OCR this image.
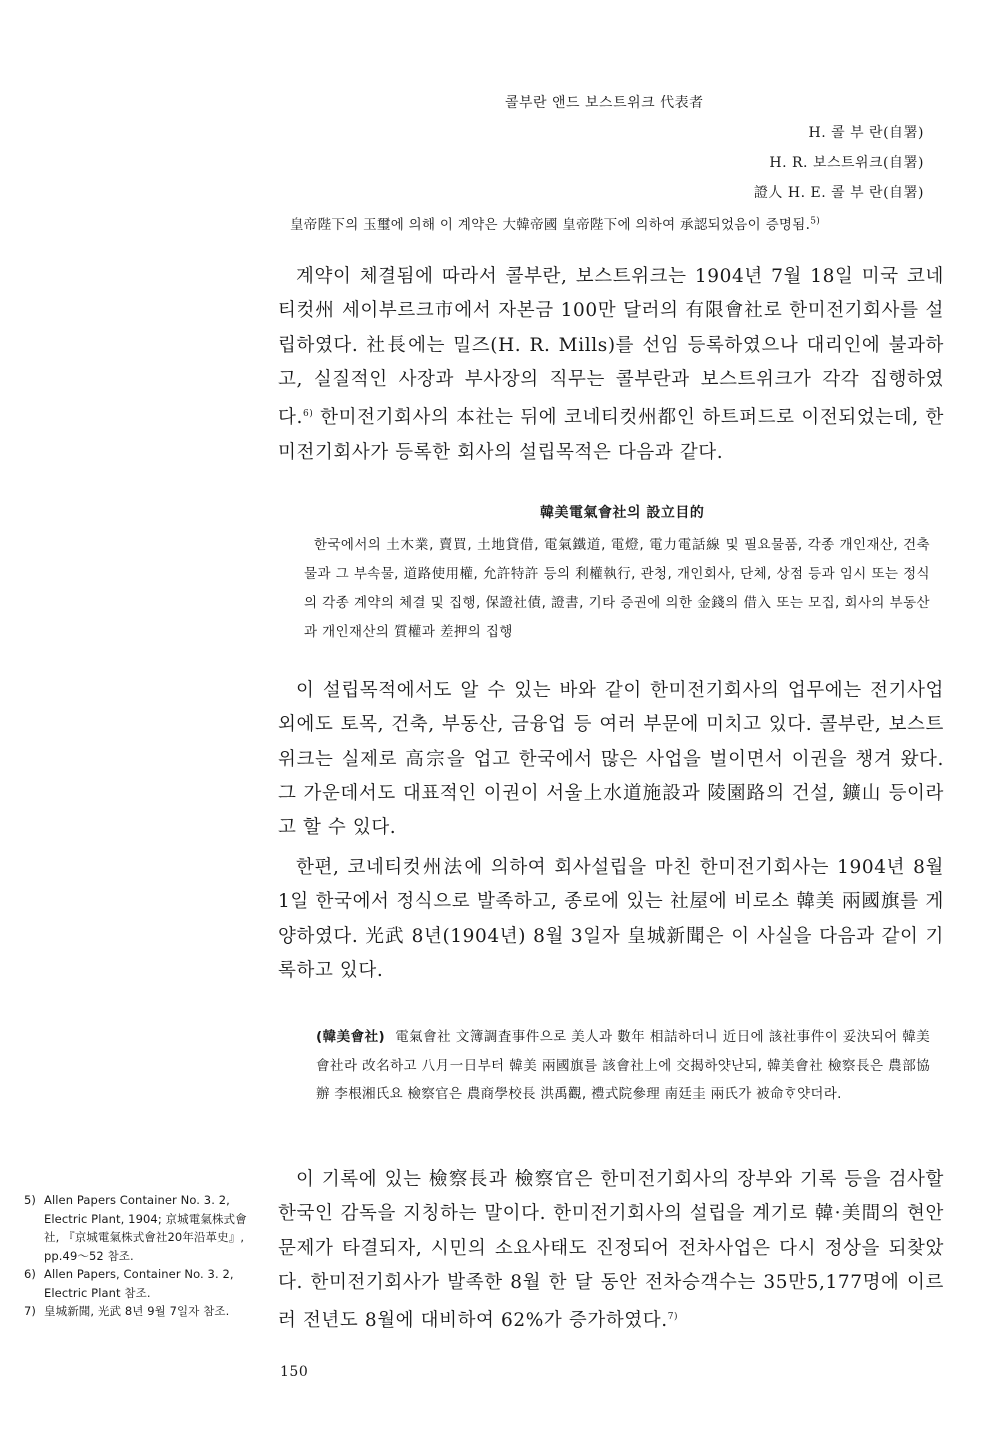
콜부란 앤드 보스트위크 代表者
H. 콜 부 란(自署)
H. R. 보스트위크(自署)
證人 H. E. 콜 부 란(自署)
皇帝陛下의 玉璽에 의해 이 계약은 大韓帝國 皇帝陛下에 의하여 承認되었음이 증명됨.$^{5)}$
계약이 체결됨에 따라서 콜부란, 보스트위크는 1904년 7월 18일 미국 코네티컷州 세이부르크市에서 자본금 100만 달러의 有限會社로 한미전기회사를 설립하였다. 社長에는 밀즈(H. R. Mills)를 선임 등록하였으나 대리인에 불과하고, 실질적인 사장과 부사장의 직무는 콜부란과 보스트위크가 각각 집행하였다.$^{6)}$ 한미전기회사의 本社는 뒤에 코네티컷州都인 하트퍼드로 이전되었는데, 한미전기회사가 등록한 회사의 설립목적은 다음과 같다.
韓美電氣會社의 設立目的
한국에서의 土木業, 賣買, 土地貸借, 電氣鐵道, 電燈, 電力電話線 및 필요물품, 각종 개인재산, 건축물과 그 부속물, 道路使用權, 允許特許 등의 利權執行, 관청, 개인회사, 단체, 상점 등과 임시 또는 정식의 각종 계약의 체결 및 집행, 保證社債, 證書, 기타 증권에 의한 金錢의 借入 또는 모집, 회사의 부동산과 개인재산의 質權과 差押의 집행
이 설립목적에서도 알 수 있는 바와 같이 한미전기회사의 업무에는 전기사업외에도 토목, 건축, 부동산, 금융업 등 여러 부문에 미치고 있다. 콜부란, 보스트위크는 실제로 高宗을 업고 한국에서 많은 사업을 벌이면서 이권을 챙겨 왔다. 그 가운데서도 대표적인 이권이 서울上水道施設과 陵園路의 건설, 鑛山 등이라고 할 수 있다.
한편, 코네티컷州法에 의하여 회사설립을 마친 한미전기회사는 1904년 8월 1일 한국에서 정식으로 발족하고, 종로에 있는 社屋에 비로소 韓美 兩國旗를 게양하였다. 光武 8년(1904년) 8월 3일자 皇城新聞은 이 사실을 다음과 같이 기록하고 있다.
(韓美會社) 電氣會社 文簿調査事件으로 美人과 數年 相詰하더니 近日에 該社事件이 妥決되어 韓美會社라 改名하고 八月一日부터 韓美 兩國旗를 該會社上에 交揭하얏난되, 韓美會社 檢察長은 農部協辦 李根湘氏요 檢察官은 農商學校長 洪禹觀, 禮式院參理 南廷圭 兩氏가 被命ᄒᆞ얏더라.
이 기록에 있는 檢察長과 檢察官은 한미전기회사의 장부와 기록 등을 검사할 한국인 감독을 지칭하는 말이다. 한미전기회사의 설립을 계기로 韓·美間의 현안문제가 타결되자, 시민의 소요사태도 진정되어 전차사업은 다시 정상을 되찾았다. 한미전기회사가 발족한 8월 한 달 동안 전차승객수는 35만5,177명에 이르러 전년도 8월에 대비하여 62%가 증가하였다.$^{7)}$
5) Allen Papers Container No. 3. 2, Electric Plant, 1904; 京城電氣株式會社, 『京城電氣株式會社20年沿革史』, pp.49～52 참조.
6) Allen Papers, Container No. 3. 2, Electric Plant 참조.
7) 皇城新聞, 光武 8년 9월 7일자 참조.
150
